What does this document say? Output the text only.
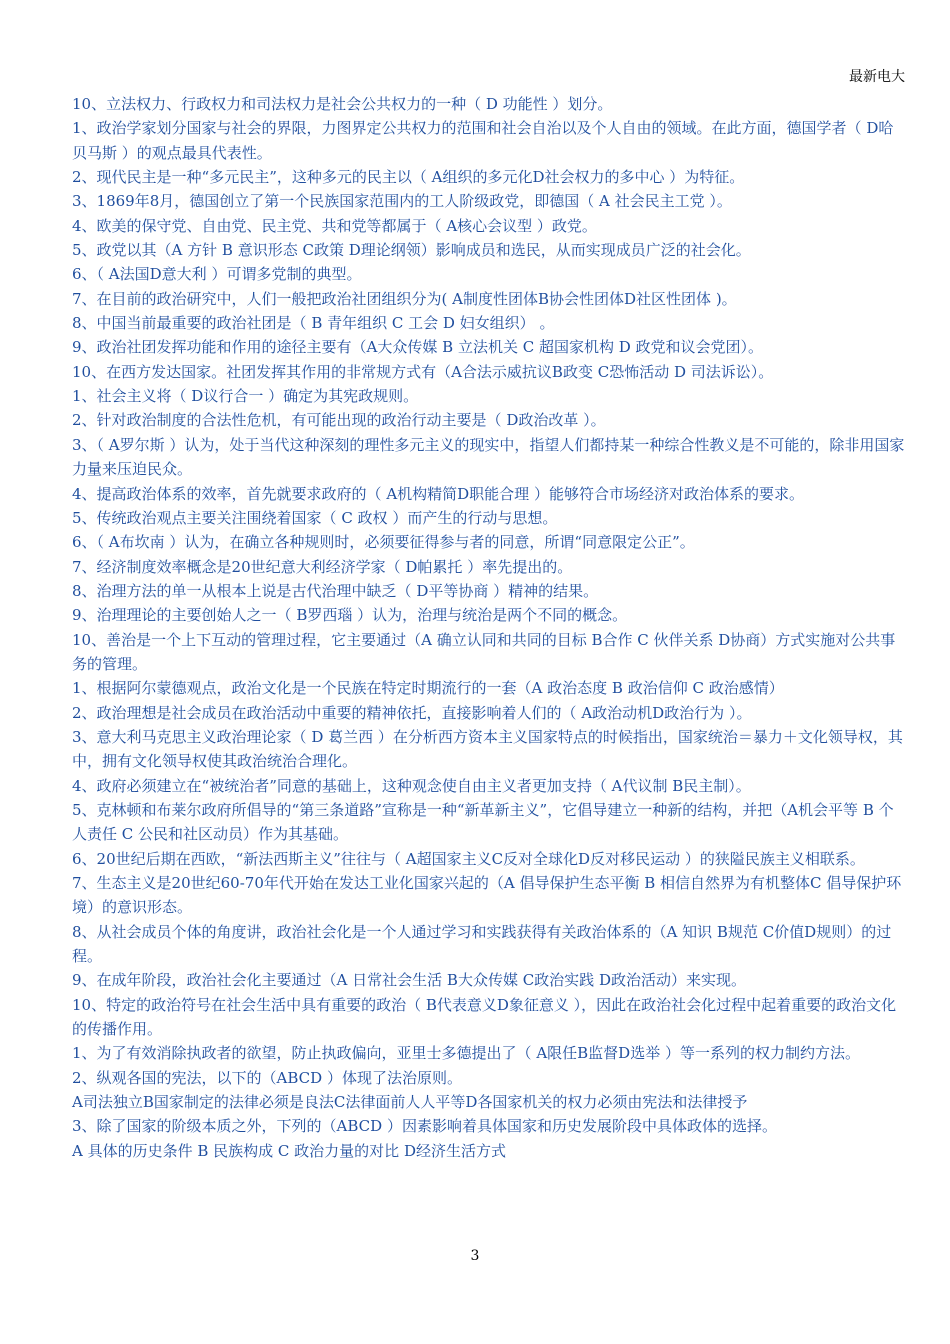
最新电大
10、立法权力、行政权力和司法权力是社会公共权力的一种（ D 功能性 ）划分。
1、政治学家划分国家与社会的界限，力图界定公共权力的范围和社会自治以及个人自由的领域。在此方面，德国学者（ D哈贝马斯 ）的观点最具代表性。
2、现代民主是一种“多元民主”，这种多元的民主以（ A组织的多元化D社会权力的多中心 ）为特征。
3、1869年8月，德国创立了第一个民族国家范围内的工人阶级政党，即德国（ A 社会民主工党 ）。
4、欧美的保守党、自由党、民主党、共和党等都属于（ A核心会议型 ）政党。
5、政党以其（A 方针 B 意识形态 C政策 D理论纲领）影响成员和选民，从而实现成员广泛的社会化。
6、（ A法国D意大利 ）可谓多党制的典型。
7、在目前的政治研究中，人们一般把政治社团组织分为( A制度性团体B协会性团体D社区性团体 )。
8、中国当前最重要的政治社团是（ B 青年组织 C 工会 D 妇女组织） 。
9、政治社团发挥功能和作用的途径主要有（A大众传媒 B 立法机关 C 超国家机构 D 政党和议会党团）。
10、在西方发达国家。社团发挥其作用的非常规方式有（A合法示威抗议B政变 C恐怖活动 D 司法诉讼）。
1、社会主义将（ D议行合一 ）确定为其宪政规则。
2、针对政治制度的合法性危机，有可能出现的政治行动主要是（ D政治改革 ）。
3、（ A罗尔斯 ）认为，处于当代这种深刻的理性多元主义的现实中，指望人们都持某一种综合性教义是不可能的，除非用国家力量来压迫民众。
4、提高政治体系的效率，首先就要求政府的（ A机构精简D职能合理 ）能够符合市场经济对政治体系的要求。
5、传统政治观点主要关注围绕着国家（ C 政权 ）而产生的行动与思想。
6、（ A布坎南 ）认为，在确立各种规则时，必须要征得参与者的同意，所谓“同意限定公正”。
7、经济制度效率概念是20世纪意大利经济学家（ D帕累托 ）率先提出的。
8、治理方法的单一从根本上说是古代治理中缺乏（ D平等协商 ）精神的结果。
9、治理理论的主要创始人之一（ B罗西瑙 ）认为，治理与统治是两个不同的概念。
10、善治是一个上下互动的管理过程，它主要通过（A 确立认同和共同的目标 B合作 C 伙伴关系 D协商）方式实施对公共事务的管理。
1、根据阿尔蒙德观点，政治文化是一个民族在特定时期流行的一套（A 政治态度 B 政治信仰 C 政治感情）
2、政治理想是社会成员在政治活动中重要的精神依托，直接影响着人们的（ A政治动机D政治行为 ）。
3、意大利马克思主义政治理论家（ D 葛兰西 ）在分析西方资本主义国家特点的时候指出，国家统治＝暴力＋文化领导权，其中，拥有文化领导权使其政治统治合理化。
4、政府必须建立在“被统治者”同意的基础上，这种观念使自由主义者更加支持（ A代议制 B民主制）。
5、克林顿和布莱尔政府所倡导的“第三条道路”宣称是一种“新革新主义”，它倡导建立一种新的结构，并把（A机会平等 B 个人责任 C 公民和社区动员）作为其基础。
6、20世纪后期在西欧，“新法西斯主义”往往与（ A超国家主义C反对全球化D反对移民运动 ）的狭隘民族主义相联系。
7、生态主义是20世纪60-70年代开始在发达工业化国家兴起的（A 倡导保护生态平衡 B 相信自然界为有机整体C 倡导保护环境）的意识形态。
8、从社会成员个体的角度讲，政治社会化是一个人通过学习和实践获得有关政治体系的（A 知识 B规范 C价值D规则）的过程。
9、在成年阶段，政治社会化主要通过（A 日常社会生活 B大众传媒 C政治实践 D政治活动）来实现。
10、特定的政治符号在社会生活中具有重要的政治（ B代表意义D象征意义 ），因此在政治社会化过程中起着重要的政治文化的传播作用。
1、为了有效消除执政者的欲望，防止执政偏向，亚里士多德提出了（ A限任B监督D选举 ）等一系列的权力制约方法。
2、纵观各国的宪法，以下的（ABCD ）体现了法治原则。
A司法独立B国家制定的法律必须是良法C法律面前人人平等D各国家机关的权力必须由宪法和法律授予
3、除了国家的阶级本质之外，下列的（ABCD ）因素影响着具体国家和历史发展阶段中具体政体的选择。
A 具体的历史条件 B 民族构成 C 政治力量的对比 D经济生活方式
3
